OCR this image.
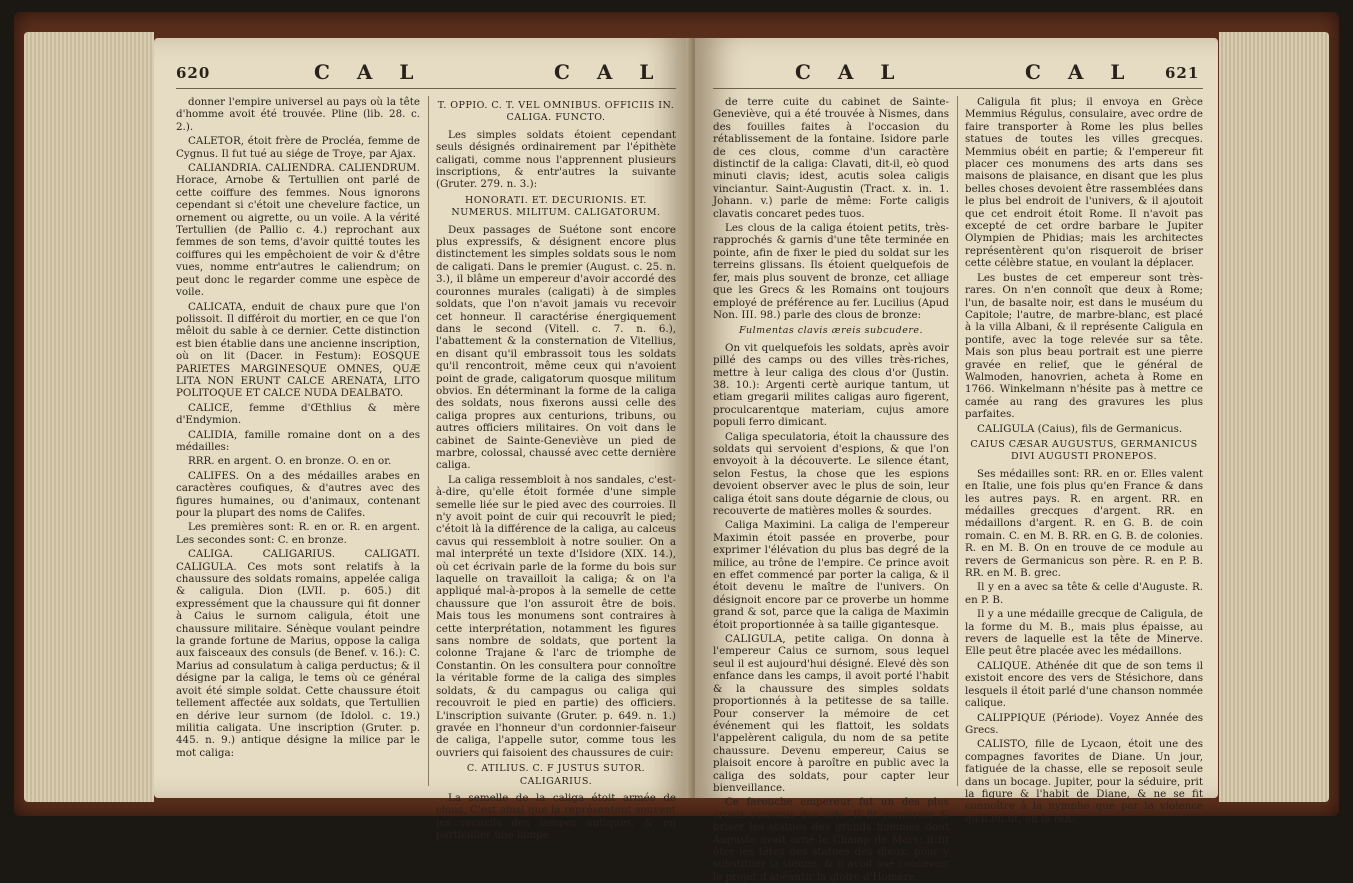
620	C A L	C A L

donner l'empire universel au pays où la tête d'homme avoit été trouvée. Pline (lib. 28. c. 2.).

CALETOR, étoit frère de Procléa, femme de Cygnus. Il fut tué au siége de Troye, par Ajax.

CALIANDRIA. CALIENDRA. CALIENDRUM. Horace, Arnobe & Tertullien ont parlé de cette coiffure des femmes. Nous ignorons cependant si c'étoit une chevelure factice, un ornement ou aigrette, ou un voile. A la vérité Tertullien (de Pallio c. 4.) reprochant aux femmes de son tems, d'avoir quitté toutes les coiffures qui les empêchoient de voir & d'être vues, nomme entr'autres le caliendrum; on peut donc le regarder comme une espèce de voile.

CALICATA, enduit de chaux pure que l'on polissoit. Il différoit du mortier, en ce que l'on mêloit du sable à ce dernier. Cette distinction est bien établie dans une ancienne inscription, où on lit (Dacer. in Festum): EOSQUE PARIETES MARGINESQUE OMNES, QUÆ LITA NON ERUNT CALCE ARENATA, LITO POLITOQUE ET CALCE NUDA DEALBATO.

CALICE, femme d'Œthlius & mère d'Endymion.

CALIDIA, famille romaine dont on a des médailles:

RRR. en argent. O. en bronze. O. en or.

CALIFES. On a des médailles arabes en caractères coufiques, & d'autres avec des figures humaines, ou d'animaux, contenant pour la plupart des noms de Califes.

Les premières sont: R. en or. R. en argent. Les secondes sont: C. en bronze.

CALIGA. CALIGARIUS. CALIGATI. CALIGULA. Ces mots sont relatifs à la chaussure des soldats romains, appelée caliga & caligula. Dion (LVII. p. 605.) dit expressément que la chaussure qui fit donner à Caius le surnom caligula, étoit une chaussure militaire. Sénèque voulant peindre la grande fortune de Marius, oppose la caliga aux faisceaux des consuls (de Benef. v. 16.): C. Marius ad consulatum à caliga perductus; & il désigne par la caliga, le tems où ce général avoit été simple soldat. Cette chaussure étoit tellement affectée aux soldats, que Tertullien en dérive leur surnom (de Idolol. c. 19.) militia caligata. Une inscription (Gruter. p. 445. n. 9.) antique désigne la milice par le mot caliga:

T. OPPIO. C. T. VEL OMNIBUS. OFFICIIS IN. CALIGA. FUNCTO.

Les simples soldats étoient cependant seuls désignés ordinairement par l'épithète caligati, comme nous l'apprennent plusieurs inscriptions, & entr'autres la suivante (Gruter. 279. n. 3.):

HONORATI. ET. DECURIONIS. ET. NUMERUS. MILITUM. CALIGATORUM.

Deux passages de Suétone sont encore plus expressifs, & désignent encore plus distinctement les simples soldats sous le nom de caligati. Dans le premier (August. c. 25. n. 3.), il blâme un empereur d'avoir accordé des couronnes murales (caligati) à de simples soldats, que l'on n'avoit jamais vu recevoir cet honneur. Il caractérise énergiquement dans le second (Vitell. c. 7. n. 6.), l'abattement & la consternation de Vitellius, en disant qu'il embrassoit tous les soldats qu'il rencontroit, même ceux qui n'avoient point de grade, caligatorum quosque militum obvios. En déterminant la forme de la caliga des soldats, nous fixerons aussi celle des caliga propres aux centurions, tribuns, ou autres officiers militaires. On voit dans le cabinet de Sainte-Geneviève un pied de marbre, colossal, chaussé avec cette dernière caliga.

La caliga ressembloit à nos sandales, c'est-à-dire, qu'elle étoit formée d'une simple semelle liée sur le pied avec des courroies. Il n'y avoit point de cuir qui recouvrît le pied; c'étoit là la différence de la caliga, au calceus cavus qui ressembloit à notre soulier. On a mal interprété un texte d'Isidore (XIX. 14.), où cet écrivain parle de la forme du bois sur laquelle on travailloit la caliga; & on l'a appliqué mal-à-propos à la semelle de cette chaussure que l'on assuroit être de bois. Mais tous les monumens sont contraires à cette interprétation, notamment les figures sans nombre de soldats, que portent la colonne Trajane & l'arc de triomphe de Constantin. On les consultera pour connoître la véritable forme de la caliga des simples soldats, & du campagus ou caliga qui recouvroit le pied en partie) des officiers. L'inscription suivante (Gruter. p. 649. n. 1.) gravée en l'honneur d'un cordonnier-faiseur de caliga, l'appelle sutor, comme tous les ouvriers qui faisoient des chaussures de cuir:

C. ATILIUS. C. F JUSTUS SUTOR. CALIGARIUS.

La semelle de la caliga étoit armée de clous. C'est ainsi que la représentent souvent les recueils des lampes antiques, & en particulier une lampe

C A L	C A L 621

de terre cuite du cabinet de Sainte-Geneviève, qui a été trouvée à Nismes, dans des fouilles faites à l'occasion du rétablissement de la fontaine. Isidore parle de ces clous, comme d'un caractère distinctif de la caliga: Clavati, dit-il, eò quod minuti clavis; idest, acutis solea caligis vinciantur. Saint-Augustin (Tract. x. in. 1. Johann. v.) parle de même: Forte caligis clavatis concaret pedes tuos.

Les clous de la caliga étoient petits, très-rapprochés & garnis d'une tête terminée en pointe, afin de fixer le pied du soldat sur les terreins glissans. Ils étoient quelquefois de fer, mais plus souvent de bronze, cet alliage que les Grecs & les Romains ont toujours employé de préférence au fer. Lucilius (Apud Non. III. 98.) parle des clous de bronze:

Fulmentas clavis æreis subcudere.

On vit quelquefois les soldats, après avoir pillé des camps ou des villes très-riches, mettre à leur caliga des clous d'or (Justin. 38. 10.): Argenti certè aurique tantum, ut etiam gregarii milites caligas auro figerent, proculcarentque materiam, cujus amore populi ferro dimicant.

Caliga speculatoria, étoit la chaussure des soldats qui servoient d'espions, & que l'on envoyoit à la découverte. Le silence étant, selon Festus, la chose que les espions devoient observer avec le plus de soin, leur caliga étoit sans doute dégarnie de clous, ou recouverte de matières molles & sourdes.

Caliga Maximini. La caliga de l'empereur Maximin étoit passée en proverbe, pour exprimer l'élévation du plus bas degré de la milice, au trône de l'empire. Ce prince avoit en effet commencé par porter la caliga, & il étoit devenu le maître de l'univers. On désignoit encore par ce proverbe un homme grand & sot, parce que la caliga de Maximin étoit proportionnée à sa taille gigantesque.

CALIGULA, petite caliga. On donna à l'empereur Caius ce surnom, sous lequel seul il est aujourd'hui désigné. Elevé dès son enfance dans les camps, il avoit porté l'habit & la chaussure des simples soldats proportionnés à la petitesse de sa taille. Pour conserver la mémoire de cet événement qui les flattoit, les soldats l'appelèrent caligula, du nom de sa petite chaussure. Devenu empereur, Caius se plaisoit encore à paroître en public avec la caliga des soldats, pour capter leur bienveillance.

Ce farouche empereur fut un des plus cruels ennemis des arts. Il fit renverser & briser les statues des grands hommes dont Auguste avoit orné le Champ de Mars; il fit ôter les têtes des statues des dieux, pour y substituer la sienne, & il avoit osé concevoir le projet d'anéantir la gloire d'Homère.

Caligula fit plus; il envoya en Grèce Memmius Régulus, consulaire, avec ordre de faire transporter à Rome les plus belles statues de toutes les villes grecques. Memmius obéit en partie; & l'empereur fit placer ces monumens des arts dans ses maisons de plaisance, en disant que les plus belles choses devoient être rassemblées dans le plus bel endroit de l'univers, & il ajoutoit que cet endroit étoit Rome. Il n'avoit pas excepté de cet ordre barbare le Jupiter Olympien de Phidias; mais les architectes représentèrent qu'on risqueroit de briser cette célèbre statue, en voulant la déplacer.

Les bustes de cet empereur sont très-rares. On n'en connoît que deux à Rome; l'un, de basalte noir, est dans le muséum du Capitole; l'autre, de marbre-blanc, est placé à la villa Albani, & il représente Caligula en pontife, avec la toge relevée sur sa tête. Mais son plus beau portrait est une pierre gravée en relief, que le général de Walmoden, hanovrien, acheta à Rome en 1766. Winkelmann n'hésite pas à mettre ce camée au rang des gravures les plus parfaites.

CALIGULA (Caius), fils de Germanicus.

CAIUS CÆSAR AUGUSTUS, GERMANICUS DIVI AUGUSTI PRONEPOS.

Ses médailles sont: RR. en or. Elles valent en Italie, une fois plus qu'en France & dans les autres pays. R. en argent. RR. en médailles grecques d'argent. RR. en médaillons d'argent. R. en G. B. de coin romain. C. en M. B. RR. en G. B. de colonies. R. en M. B. On en trouve de ce module au revers de Germanicus son père. R. en P. B. RR. en M. B. grec.

Il y en a avec sa tête & celle d'Auguste. R. en P. B.

Il y a une médaille grecque de Caligula, de la forme du M. B., mais plus épaisse, au revers de laquelle est la tête de Minerve. Elle peut être placée avec les médaillons.

CALIQUE. Athénée dit que de son tems il existoit encore des vers de Stésichore, dans lesquels il étoit parlé d'une chanson nommée calique.

CALIPPIQUE (Période). Voyez Année des Grecs.

CALISTO, fille de Lycaon, étoit une des compagnes favorites de Diane. Un jour, fatiguée de la chasse, elle se reposoit seule dans un bocage. Jupiter, pour la séduire, prit la figure & l'habit de Diane, & ne se fit connoître à la nymphe que par la violence qu'il lui fit; en la ren-
